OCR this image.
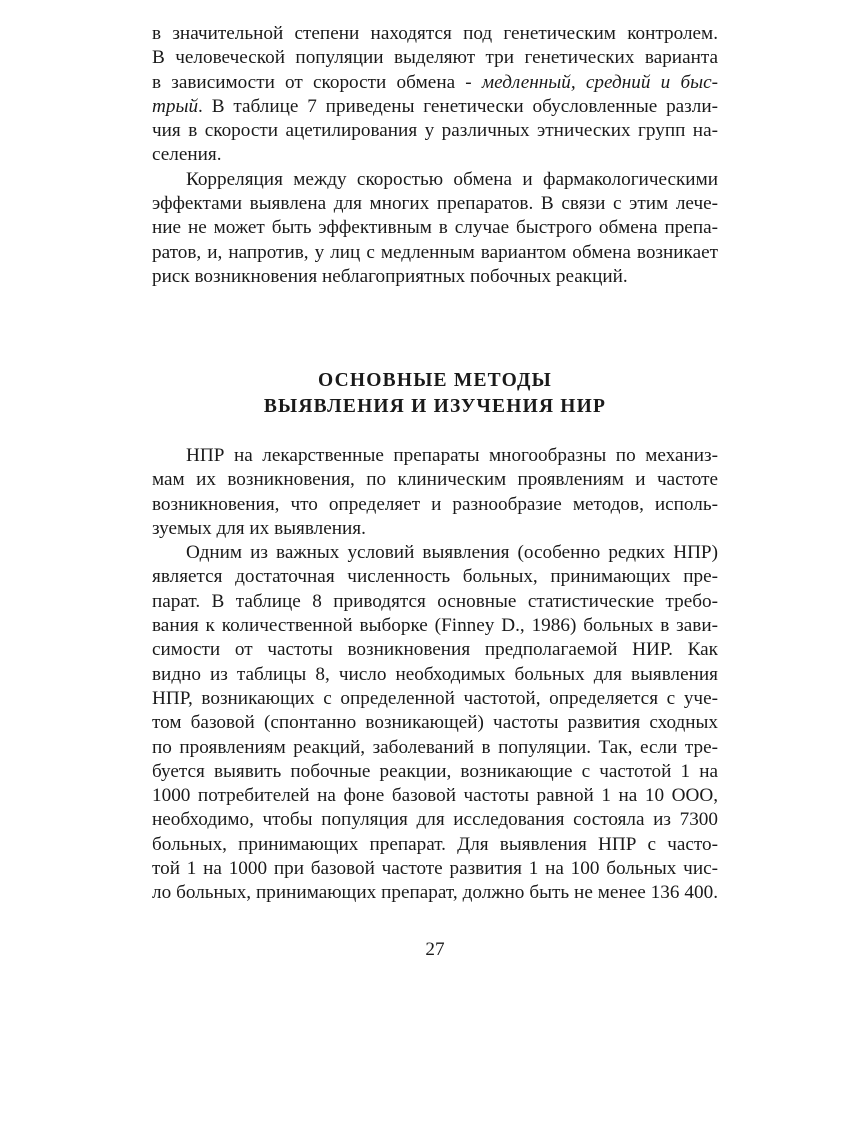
в значительной степени находятся под генетическим контролем.
В человеческой популяции выделяют три генетических варианта
в зависимости от скорости обмена - медленный, средний и быс-
трый. В таблице 7 приведены генетически обусловленные разли-
чия в скорости ацетилирования у различных этнических групп на-
селения.
Корреляция между скоростью обмена и фармакологическими
эффектами выявлена для многих препаратов. В связи с этим лече-
ние не может быть эффективным в случае быстрого обмена препа-
ратов, и, напротив, у лиц с медленным вариантом обмена возникает
риск возникновения неблагоприятных побочных реакций.
ОСНОВНЫЕ МЕТОДЫ
ВЫЯВЛЕНИЯ И ИЗУЧЕНИЯ НИР
НПР на лекарственные препараты многообразны по механиз-
мам их возникновения, по клиническим проявлениям и частоте
возникновения, что определяет и разнообразие методов, исполь-
зуемых для их выявления.
Одним из важных условий выявления (особенно редких НПР)
является достаточная численность больных, принимающих пре-
парат. В таблице 8 приводятся основные статистические требо-
вания к количественной выборке (Finney D., 1986) больных в зави-
симости от частоты возникновения предполагаемой НИР. Как
видно из таблицы 8, число необходимых больных для выявления
НПР, возникающих с определенной частотой, определяется с уче-
том базовой (спонтанно возникающей) частоты развития сходных
по проявлениям реакций, заболеваний в популяции. Так, если тре-
буется выявить побочные реакции, возникающие с частотой 1 на
1000 потребителей на фоне базовой частоты равной 1 на 10 ООО,
необходимо, чтобы популяция для исследования состояла из 7300
больных, принимающих препарат. Для выявления НПР с часто-
той 1 на 1000 при базовой частоте развития 1 на 100 больных чис-
ло больных, принимающих препарат, должно быть не менее 136 400.
27
